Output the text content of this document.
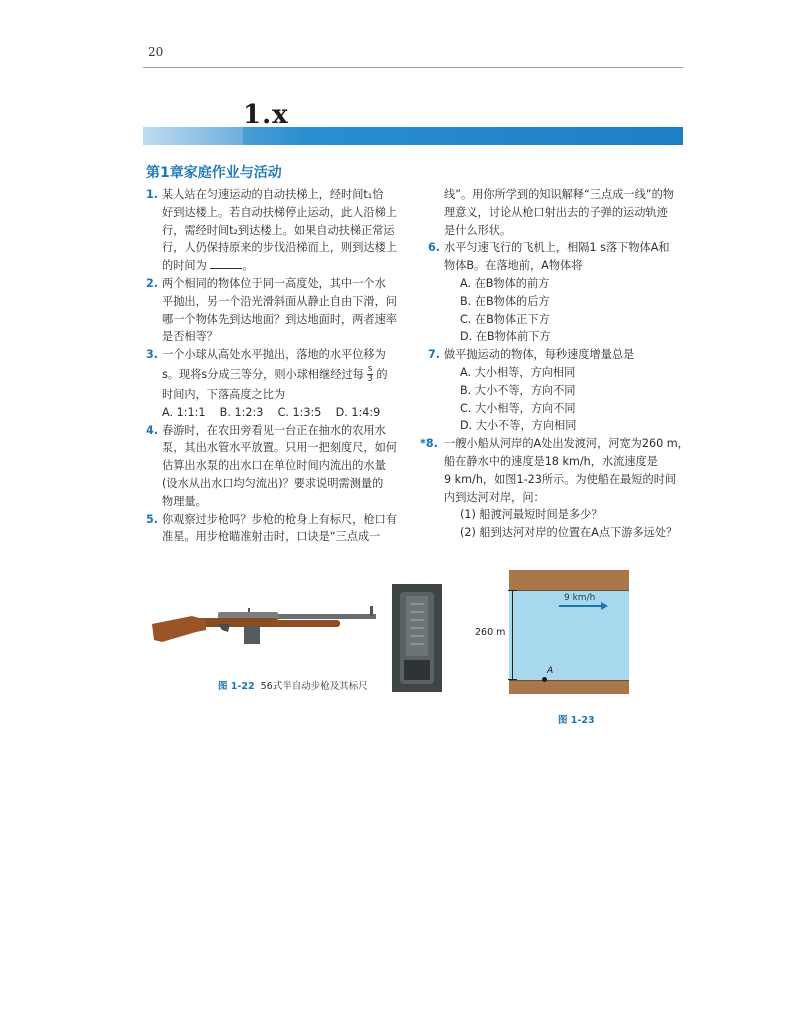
20
1.x
第1章家庭作业与活动
1. 某人站在匀速运动的自动扶梯上，经时间t₁恰
好到达楼上。若自动扶梯停止运动，此人沿梯上
行，需经时间t₂到达楼上。如果自动扶梯正常运
行，人仍保持原来的步伐沿梯而上，则到达楼上
的时间为	。
2. 两个相同的物体位于同一高度处，其中一个水
平抛出，另一个沿光滑斜面从静止自由下滑，问
哪一个物体先到达地面？到达地面时，两者速率
是否相等？
3. 一个小球从高处水平抛出，落地的水平位移为
s。现将s分成三等分，则小球相继经过每 $\frac{s}{3}$ 的
时间内，下落高度之比为
A. 1:1:1    B. 1:2:3    C. 1:3:5    D. 1:4:9
4. 春游时，在农田旁看见一台正在抽水的农用水
泵，其出水管水平放置。只用一把刻度尺，如何
估算出水泵的出水口在单位时间内流出的水量
(设水从出水口均匀流出)？要求说明需测量的
物理量。
5. 你观察过步枪吗？步枪的枪身上有标尺，枪口有
准星。用步枪瞄准射击时，口诀是“三点成一
线”。用你所学到的知识解释“三点成一线”的物
理意义，讨论从枪口射出去的子弹的运动轨迹
是什么形状。
6. 水平匀速飞行的飞机上，相隔1 s落下物体A和
物体B。在落地前，A物体将
A. 在B物体的前方
B. 在B物体的后方
C. 在B物体正下方
D. 在B物体前下方
7. 做平抛运动的物体，每秒速度增量总是
A. 大小相等，方向相同
B. 大小不等，方向不同
C. 大小相等，方向不同
D. 大小不等，方向相同
*8. 一艘小船从河岸的A处出发渡河，河宽为260 m，
船在静水中的速度是18 km/h，水流速度是
9 km/h，如图1-23所示。为使船在最短的时间
内到达河对岸，问：
(1) 船渡河最短时间是多少？
(2) 船到达河对岸的位置在A点下游多远处？
图 1-22 56式半自动步枪及其标尺
9 km/h
260 m
A
图 1-23
